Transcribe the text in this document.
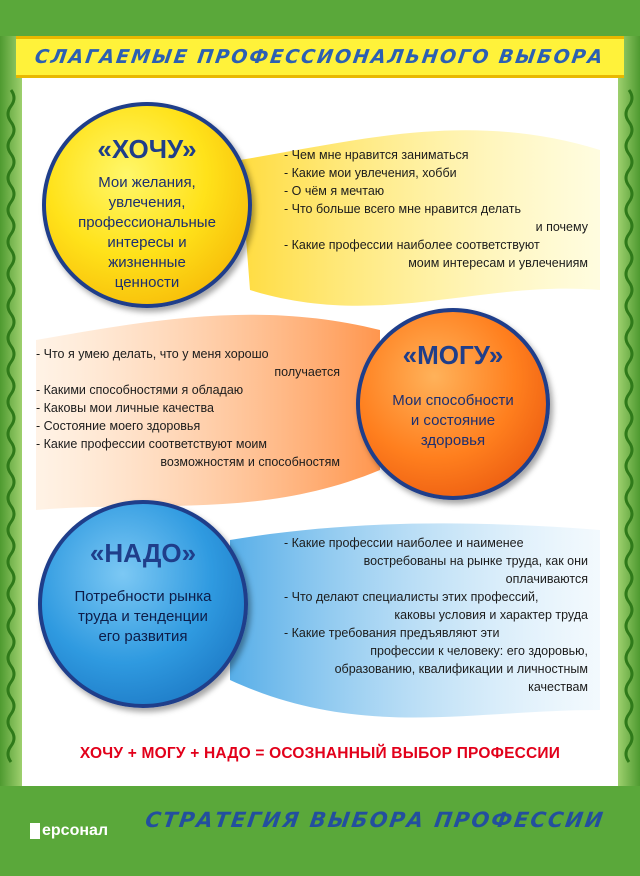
СЛАГАЕМЫЕ ПРОФЕССИОНАЛЬНОГО ВЫБОРА
«ХОЧУ»

Мои желания,
увлечения,
профессиональные
интересы и
жизненные
ценности

- Чем мне нравится заниматься
- Какие мои увлечения, хобби
- О чём я мечтаю
- Что больше всего мне нравится делать
и почему
- Какие профессии наиболее соответствуют
моим интересам и увлечениям
«МОГУ»

Мои способности
и состояние
здоровья

- Что я умею делать, что у меня хорошо
получается
- Какими способностями я обладаю
- Каковы мои личные качества
- Состояние моего здоровья
- Какие профессии соответствуют моим
возможностям и способностям
«НАДО»

Потребности рынка
труда и тенденции
его развития

- Какие профессии наиболее и наименее
востребованы на рынке труда, как они
оплачиваются
- Что делают специалисты этих профессий,
каковы условия и характер труда
- Какие требования предъявляют эти
профессии к человеку: его здоровью,
образованию, квалификации и личностным
качествам
ХОЧУ + МОГУ + НАДО = ОСОЗНАННЫЙ ВЫБОР ПРОФЕССИИ
ерсонал	СТРАТЕГИЯ ВЫБОРА ПРОФЕССИИ
